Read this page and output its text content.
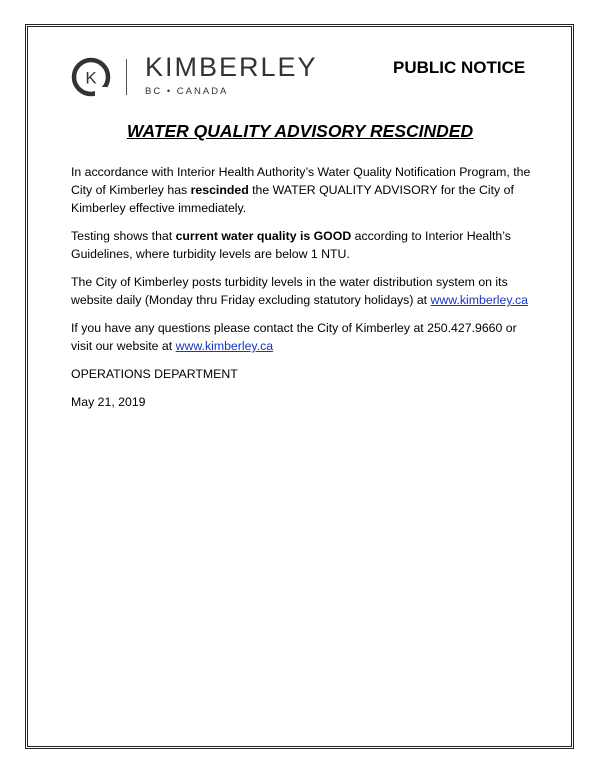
K KIMBERLEY
BC • CANADA
PUBLIC NOTICE
WATER QUALITY ADVISORY RESCINDED

In accordance with Interior Health Authority’s Water Quality Notification Program, the City of Kimberley has rescinded the WATER QUALITY ADVISORY for the City of Kimberley effective immediately.

Testing shows that current water quality is GOOD according to Interior Health’s Guidelines, where turbidity levels are below 1 NTU.

The City of Kimberley posts turbidity levels in the water distribution system on its website daily (Monday thru Friday excluding statutory holidays) at www.kimberley.ca

If you have any questions please contact the City of Kimberley at 250.427.9660 or visit our website at www.kimberley.ca

OPERATIONS DEPARTMENT

May 21, 2019
